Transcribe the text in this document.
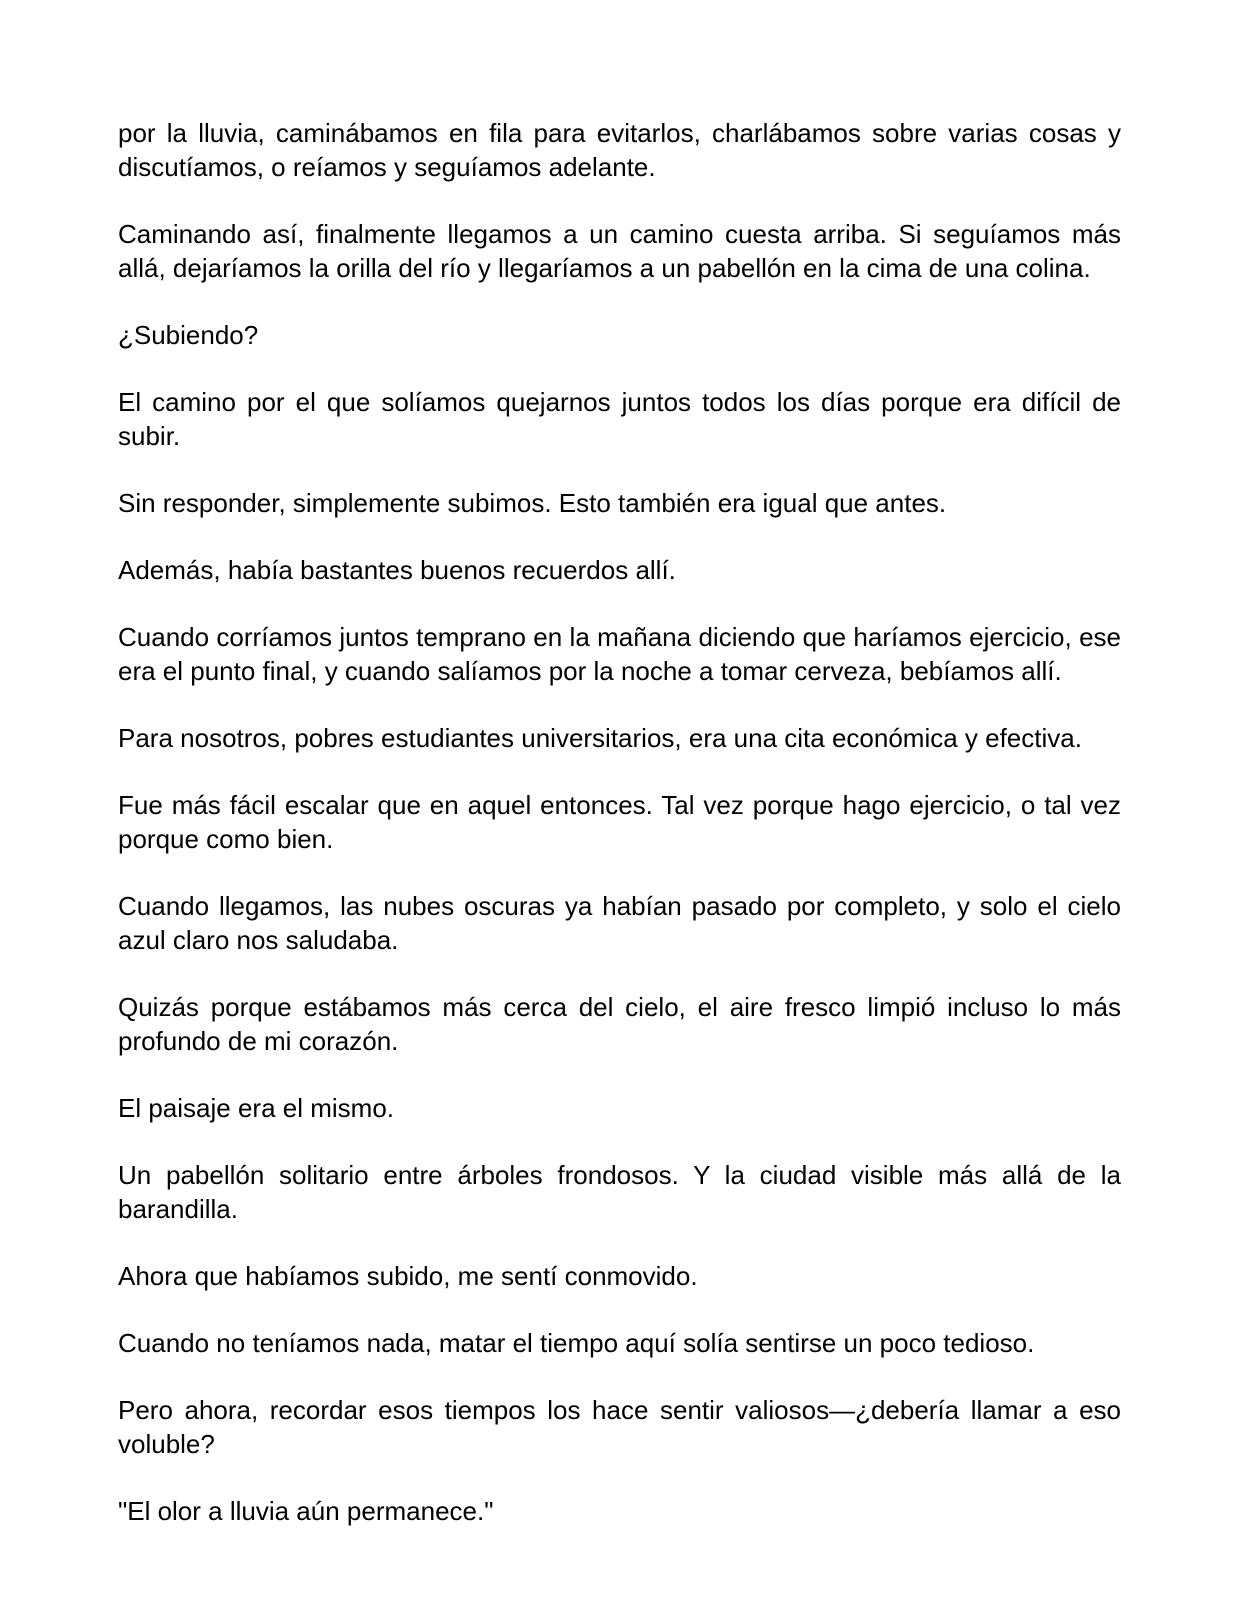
por la lluvia, caminábamos en fila para evitarlos, charlábamos sobre varias cosas y discutíamos, o reíamos y seguíamos adelante.

Caminando así, finalmente llegamos a un camino cuesta arriba. Si seguíamos más allá, dejaríamos la orilla del río y llegaríamos a un pabellón en la cima de una colina.

¿Subiendo?

El camino por el que solíamos quejarnos juntos todos los días porque era difícil de subir.

Sin responder, simplemente subimos. Esto también era igual que antes.

Además, había bastantes buenos recuerdos allí.

Cuando corríamos juntos temprano en la mañana diciendo que haríamos ejercicio, ese era el punto final, y cuando salíamos por la noche a tomar cerveza, bebíamos allí.

Para nosotros, pobres estudiantes universitarios, era una cita económica y efectiva.

Fue más fácil escalar que en aquel entonces. Tal vez porque hago ejercicio, o tal vez porque como bien.

Cuando llegamos, las nubes oscuras ya habían pasado por completo, y solo el cielo azul claro nos saludaba.

Quizás porque estábamos más cerca del cielo, el aire fresco limpió incluso lo más profundo de mi corazón.

El paisaje era el mismo.

Un pabellón solitario entre árboles frondosos. Y la ciudad visible más allá de la barandilla.

Ahora que habíamos subido, me sentí conmovido.

Cuando no teníamos nada, matar el tiempo aquí solía sentirse un poco tedioso.

Pero ahora, recordar esos tiempos los hace sentir valiosos—¿debería llamar a eso voluble?

"El olor a lluvia aún permanece."
